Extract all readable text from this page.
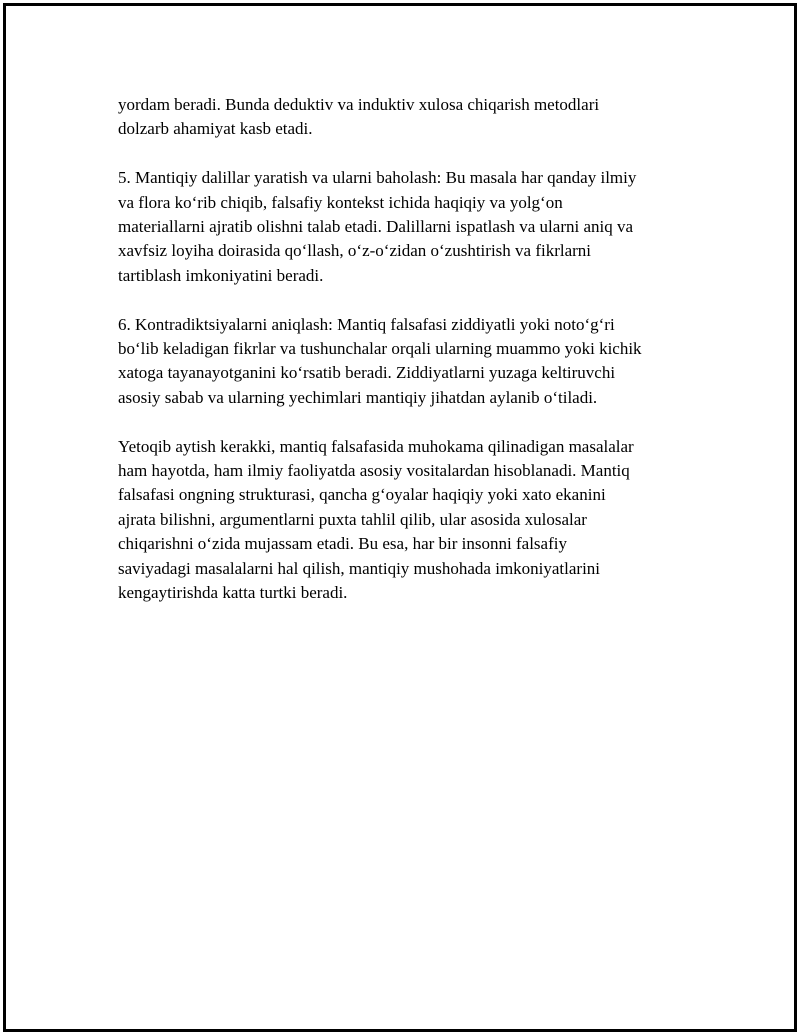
yordam beradi. Bunda deduktiv va induktiv xulosa chiqarish metodlari
dolzarb ahamiyat kasb etadi.

5. Mantiqiy dalillar yaratish va ularni baholash: Bu masala har qanday ilmiy
va flora ko‘rib chiqib, falsafiy kontekst ichida haqiqiy va yolg‘on
materiallarni ajratib olishni talab etadi. Dalillarni ispatlash va ularni aniq va
xavfsiz loyiha doirasida qo‘llash, o‘z-o‘zidan o‘zushtirish va fikrlarni
tartiblash imkoniyatini beradi.

6. Kontradiktsiyalarni aniqlash: Mantiq falsafasi ziddiyatli yoki noto‘g‘ri
bo‘lib keladigan fikrlar va tushunchalar orqali ularning muammo yoki kichik
xatoga tayanayotganini ko‘rsatib beradi. Ziddiyatlarni yuzaga keltiruvchi
asosiy sabab va ularning yechimlari mantiqiy jihatdan aylanib o‘tiladi.

Yetoqib aytish kerakki, mantiq falsafasida muhokama qilinadigan masalalar
ham hayotda, ham ilmiy faoliyatda asosiy vositalardan hisoblanadi. Mantiq
falsafasi ongning strukturasi, qancha g‘oyalar haqiqiy yoki xato ekanini
ajrata bilishni, argumentlarni puxta tahlil qilib, ular asosida xulosalar
chiqarishni o‘zida mujassam etadi. Bu esa, har bir insonni falsafiy
saviyadagi masalalarni hal qilish, mantiqiy mushohada imkoniyatlarini
kengaytirishda katta turtki beradi.
